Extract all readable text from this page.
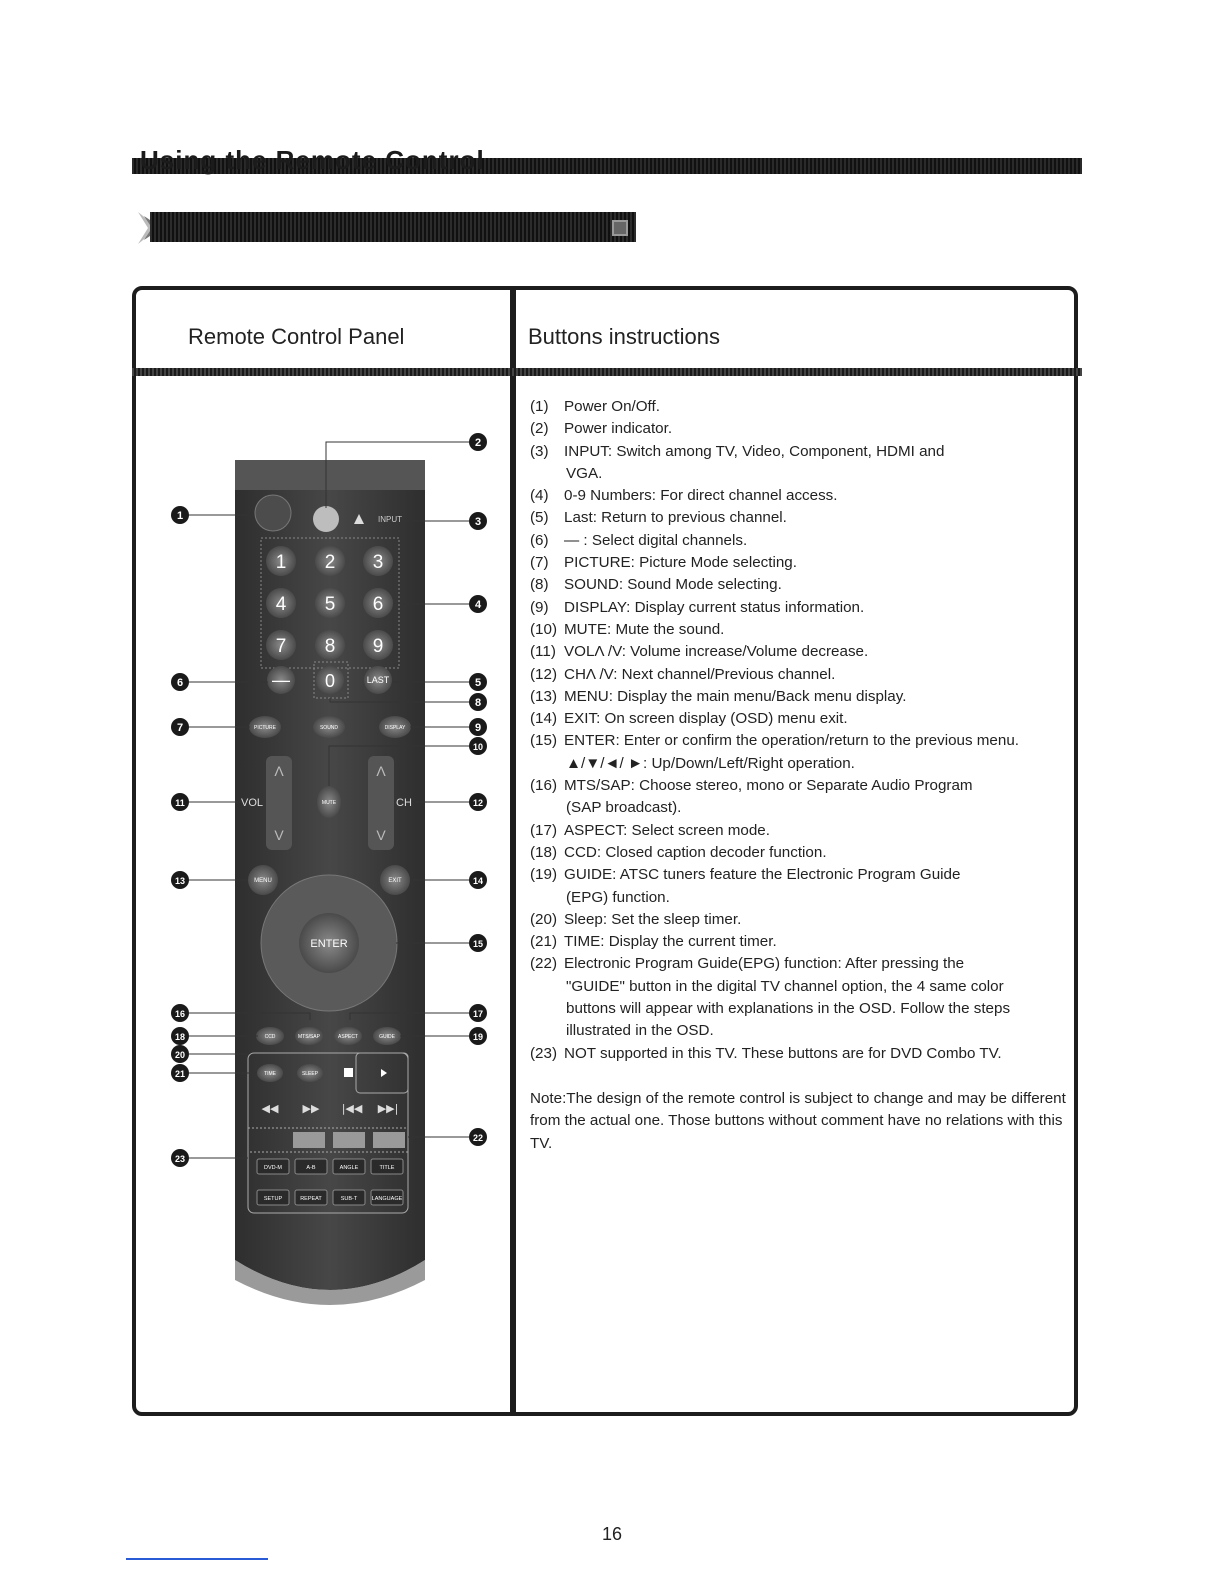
Using the Remote Control
Remote Control Panel	Buttons instructions
INPUT
1 2 3
4 5 6
7 8 9
— 0	LAST
PICTURE	SOUND	DISPLAY
Λ
V
VOL
Λ
V
CH
MUTE
MENU	EXIT
ENTER
CCD	MTS/SAP	ASPECT	GUIDE
TIME	SLEEP
◀◀ ▶▶ |◀◀ ▶▶|
DVD-M	A-B	ANGLE	TITLE
SETUP	REPEAT	SUB-T	LANGUAGE
2
1	3
4
6	5
8
7	9
10
11	12
13	14
15
16	17
18	19
20
21
22
23
(1)	Power On/Off.
(2)	Power indicator.
(3)	INPUT: Switch among TV, Video, Component, HDMI and
VGA.
(4)	0-9 Numbers: For direct channel access.
(5)	Last: Return to previous channel.
(6)	— : Select digital channels.
(7)	PICTURE: Picture Mode selecting.
(8)	SOUND: Sound Mode selecting.
(9)	DISPLAY: Display current status information.
(10) MUTE: Mute the sound.
(11) VOLΛ /V: Volume increase/Volume decrease.
(12) CHΛ /V: Next channel/Previous channel.
(13) MENU: Display the main menu/Back menu display.
(14) EXIT: On screen display (OSD) menu exit.
(15) ENTER: Enter or confirm the operation/return to the previous menu.
▲/▼/◄/ ►: Up/Down/Left/Right operation.
(16) MTS/SAP: Choose stereo, mono or Separate Audio Program
(SAP broadcast).
(17) ASPECT: Select screen mode.
(18) CCD: Closed caption decoder function.
(19) GUIDE: ATSC tuners feature the Electronic Program Guide
(EPG) function.
(20) Sleep: Set the sleep timer.
(21) TIME: Display the current timer.
(22) Electronic Program Guide(EPG) function: After pressing the
"GUIDE" button in the digital TV channel option, the 4 same color
buttons will appear with explanations in the OSD. Follow the steps
illustrated in the OSD.
(23) NOT supported in this TV. These buttons are for DVD Combo TV.
Note:The design of the remote control is subject to change and may be different from the actual one. Those buttons without comment have no relations with this TV.
16
